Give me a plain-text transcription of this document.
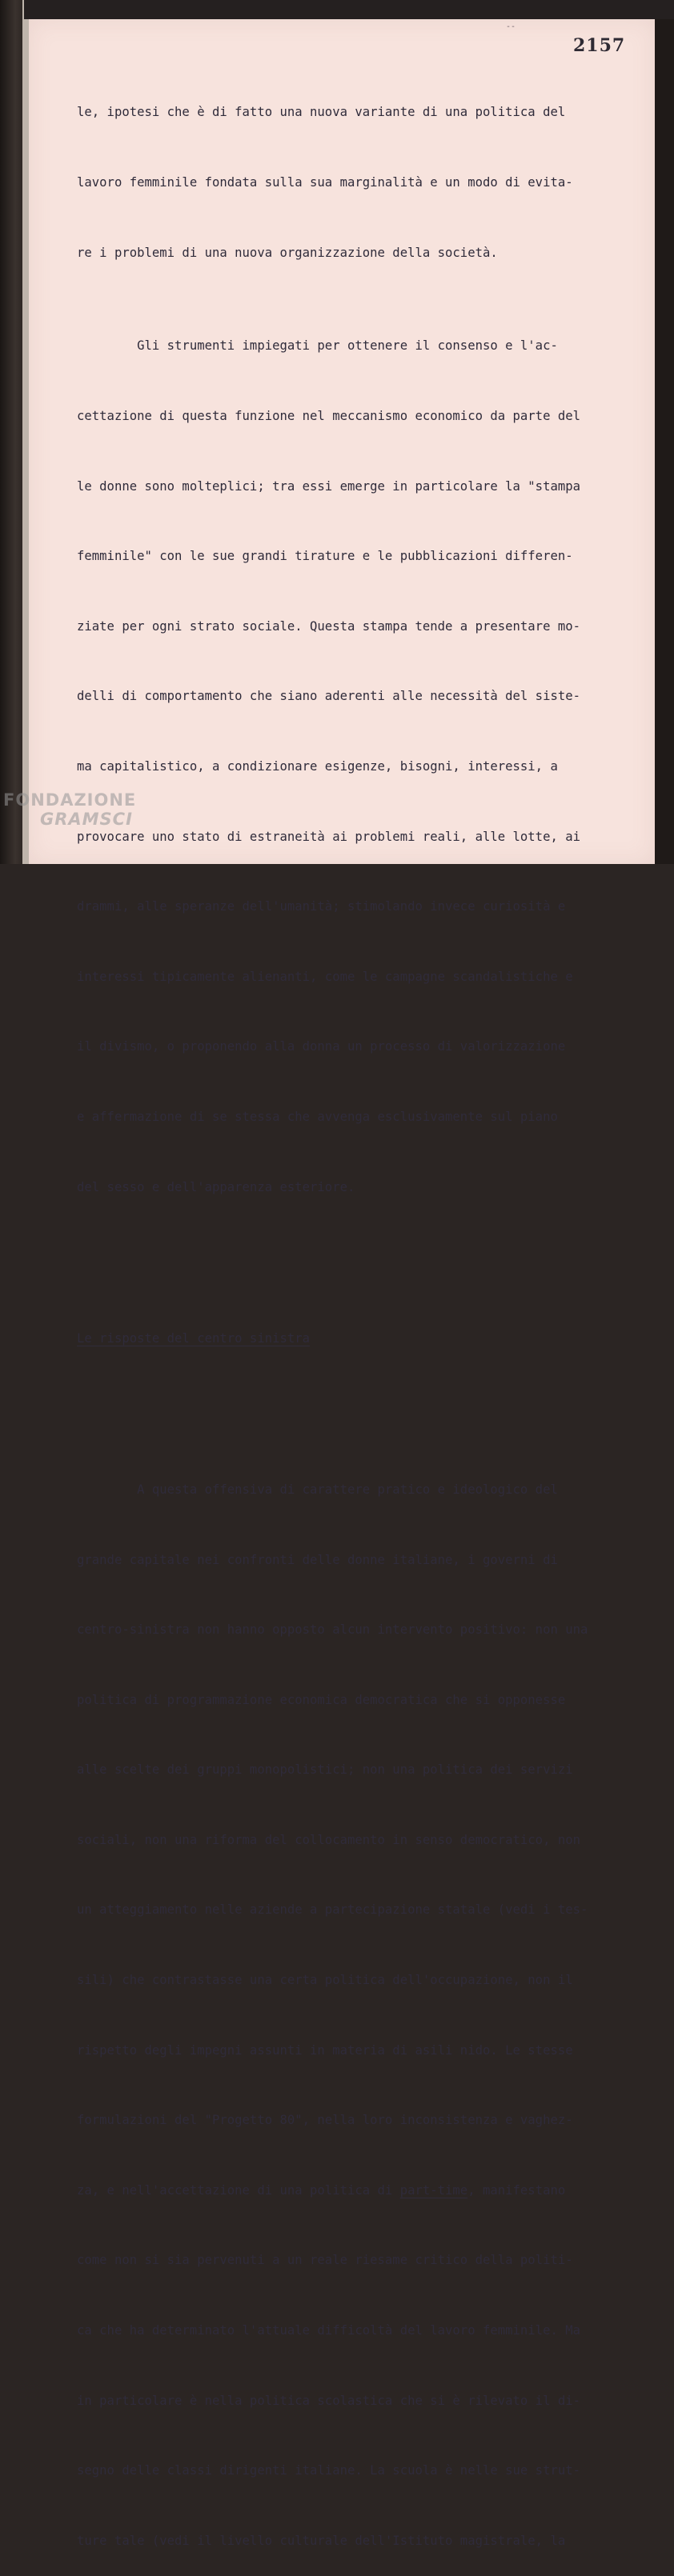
--
2157

le, ipotesi che è di fatto una nuova variante di una politica del

lavoro femminile fondata sulla sua marginalità e un modo di evita-

re i problemi di una nuova organizzazione della società.

Gli strumenti impiegati per ottenere il consenso e l'ac-

cettazione di questa funzione nel meccanismo economico da parte del

le donne sono molteplici; tra essi emerge in particolare la "stampa

femminile" con le sue grandi tirature e le pubblicazioni differen-

ziate per ogni strato sociale. Questa stampa tende a presentare mo-

delli di comportamento che siano aderenti alle necessità del siste-

ma capitalistico, a condizionare esigenze, bisogni, interessi, a

provocare uno stato di estraneità ai problemi reali, alle lotte, ai

drammi, alle speranze dell'umanità; stimolando invece curiosità e

interessi tipicamente alienanti, come le campagne scandalistiche e

il divismo, o proponendo alla donna un processo di valorizzazione

e affermazione di se stessa che avvenga esclusivamente sul piano

del sesso e dell'apparenza esteriore.

Le risposte del centro sinistra

A questa offensiva di carattere pratico e ideologico del

grande capitale nei confronti delle donne italiane, i governi di

centro-sinistra non hanno opposto alcun intervento positivo: non una

politica di programmazione economica democratica che si opponesse

alle scelte dei gruppi monopolistici; non una politica dei servizi

sociali, non una riforma del collocamento in senso democratico, non

un atteggiamento nelle aziende a partecipazione statale (vedi i tes-

sili) che contrastasse una certa politica dell'occupazione, non il

rispetto degli impegni assunti in materia di asili nido. Le stesse

formulazioni del "Progetto 80", nella loro inconsistenza e vaghez-

za, e nell'accettazione di una politica di part-time, manifestano

come non si sia pervenuti a un reale riesame critico della politi-

ca che ha determinato l'attuale difficoltà del lavoro femminile. Ma

in particolare è nella politica scolastica che si è rilevato il di-

segno delle classi dirigenti italiane. La scuola è nelle sue strut-

ture tale (vedi il livello culturale dell'Istituto magistrale, la

FONDAZIONE
GRAMSCI
